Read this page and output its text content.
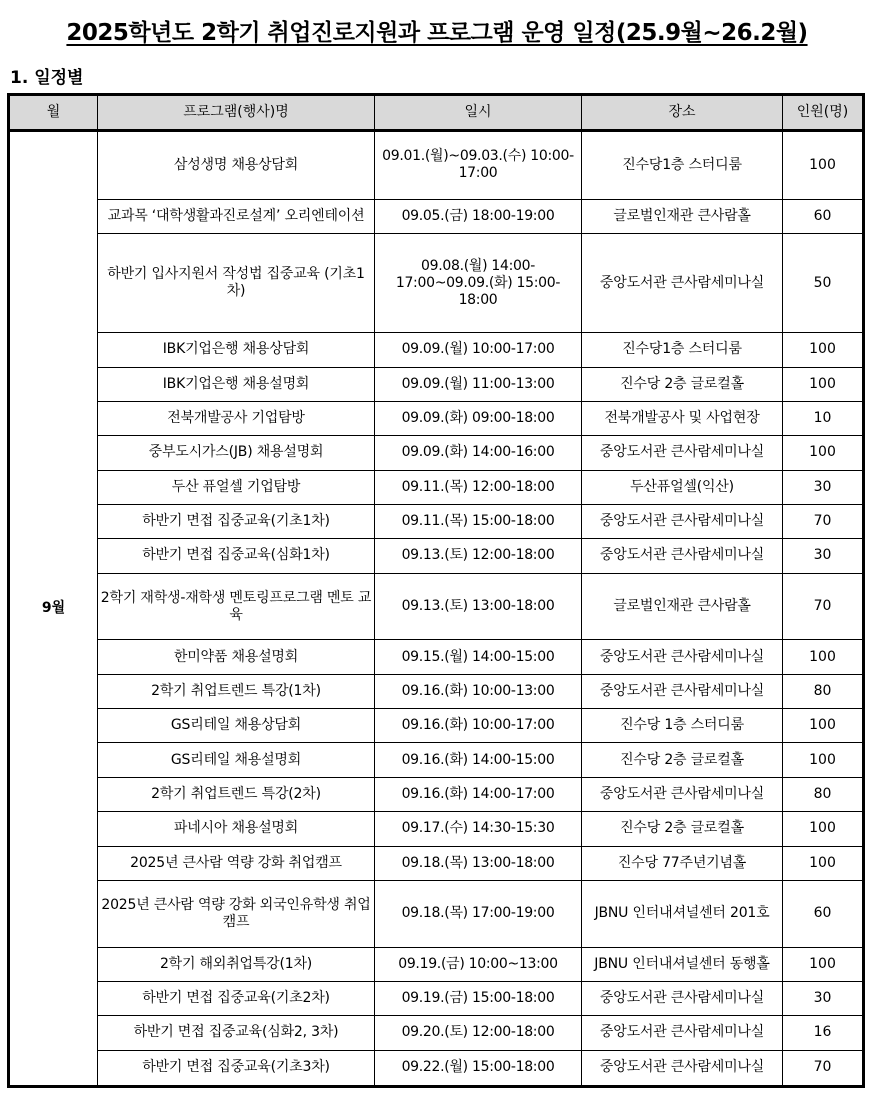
2025학년도 2학기 취업진로지원과 프로그램 운영 일정(25.9월~26.2월)
1. 일정별
월	프로그램(행사)명	일시	장소	인원(명)
9월	삼성생명 채용상담회	09.01.(월)~09.03.(수) 10:00-17:00	진수당1층 스터디룸	100
	교과목 ‘대학생활과진로설계’ 오리엔테이션	09.05.(금) 18:00-19:00	글로벌인재관 큰사람홀	60
	하반기 입사지원서 작성법 집중교육 (기초1차)	09.08.(월) 14:00-17:00~09.09.(화) 15:00-18:00	중앙도서관 큰사람세미나실	50
	IBK기업은행 채용상담회	09.09.(월) 10:00-17:00	진수당1층 스터디룸	100
	IBK기업은행 채용설명회	09.09.(월) 11:00-13:00	진수당 2층 글로컬홀	100
	전북개발공사 기업탐방	09.09.(화) 09:00-18:00	전북개발공사 및 사업현장	10
	중부도시가스(JB) 채용설명회	09.09.(화) 14:00-16:00	중앙도서관 큰사람세미나실	100
	두산 퓨얼셀 기업탐방	09.11.(목) 12:00-18:00	두산퓨얼셀(익산)	30
	하반기 면접 집중교육(기초1차)	09.11.(목) 15:00-18:00	중앙도서관 큰사람세미나실	70
	하반기 면접 집중교육(심화1차)	09.13.(토) 12:00-18:00	중앙도서관 큰사람세미나실	30
	2학기 재학생-재학생 멘토링프로그램 멘토 교육	09.13.(토) 13:00-18:00	글로벌인재관 큰사람홀	70
	한미약품 채용설명회	09.15.(월) 14:00-15:00	중앙도서관 큰사람세미나실	100
	2학기 취업트렌드 특강(1차)	09.16.(화) 10:00-13:00	중앙도서관 큰사람세미나실	80
	GS리테일 채용상담회	09.16.(화) 10:00-17:00	진수당 1층 스터디룸	100
	GS리테일 채용설명회	09.16.(화) 14:00-15:00	진수당 2층 글로컬홀	100
	2학기 취업트렌드 특강(2차)	09.16.(화) 14:00-17:00	중앙도서관 큰사람세미나실	80
	파네시아 채용설명회	09.17.(수) 14:30-15:30	진수당 2층 글로컬홀	100
	2025년 큰사람 역량 강화 취업캠프	09.18.(목) 13:00-18:00	진수당 77주년기념홀	100
	2025년 큰사람 역량 강화 외국인유학생 취업캠프	09.18.(목) 17:00-19:00	JBNU 인터내셔널센터 201호	60
	2학기 해외취업특강(1차)	09.19.(금) 10:00~13:00	JBNU 인터내셔널센터 동행홀	100
	하반기 면접 집중교육(기초2차)	09.19.(금) 15:00-18:00	중앙도서관 큰사람세미나실	30
	하반기 면접 집중교육(심화2, 3차)	09.20.(토) 12:00-18:00	중앙도서관 큰사람세미나실	16
	하반기 면접 집중교육(기초3차)	09.22.(월) 15:00-18:00	중앙도서관 큰사람세미나실	70
